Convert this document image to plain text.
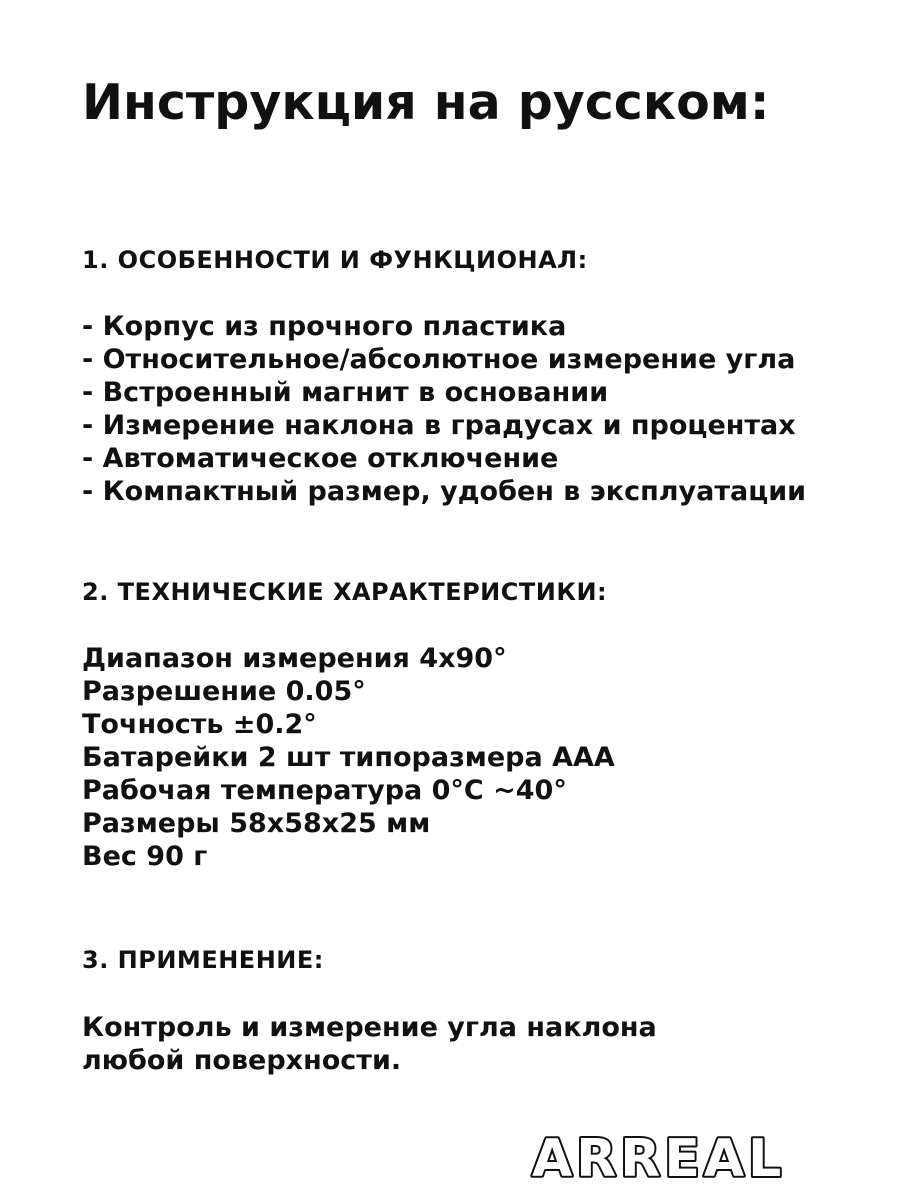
Инструкция на русском:
1. ОСОБЕННОСТИ И ФУНКЦИОНАЛ:
- Корпус из прочного пластика
- Относительное/абсолютное измерение угла
- Встроенный магнит в основании
- Измерение наклона в градусах и процентах
- Автоматическое отключение
- Компактный размер, удобен в эксплуатации
2. ТЕХНИЧЕСКИЕ ХАРАКТЕРИСТИКИ:
Диапазон измерения 4х90°
Разрешение 0.05°
Точность ±0.2°
Батарейки 2 шт типоразмера ААА
Рабочая температура 0°С ~40°
Размеры 58х58х25 мм
Вес 90 г
3. ПРИМЕНЕНИЕ:

Контроль и измерение угла наклона
любой поверхности.

ARREAL
